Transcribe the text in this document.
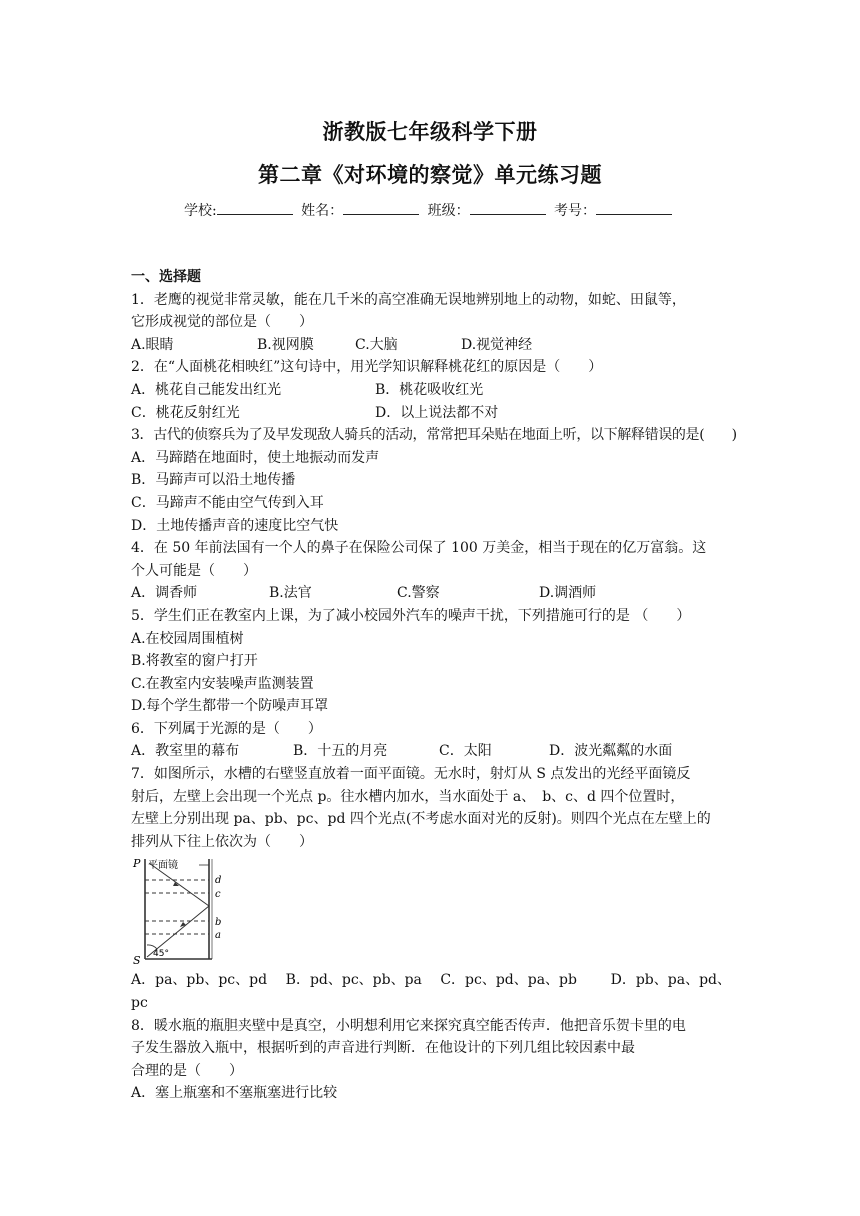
浙教版七年级科学下册
第二章《对环境的察觉》单元练习题
学校:	姓名：	班级：	考号：
一、选择题
1．老鹰的视觉非常灵敏，能在几千米的高空准确无误地辨别地上的动物，如蛇、田鼠等，
它形成视觉的部位是（　　）
A.眼睛	B.视网膜	C.大脑	D.视觉神经
2．在“人面桃花相映红”这句诗中，用光学知识解释桃花红的原因是（　　）
A．桃花自己能发出红光	B．桃花吸收红光
C．桃花反射红光	D．以上说法都不对
3．古代的侦察兵为了及早发现敌人骑兵的活动，常常把耳朵贴在地面上听，以下解释错误的是(　　)
A．马蹄踏在地面时，使土地振动而发声
B．马蹄声可以沿土地传播
C．马蹄声不能由空气传到入耳
D．土地传播声音的速度比空气快
4．在 50 年前法国有一个人的鼻子在保险公司保了 100 万美金，相当于现在的亿万富翁。这
个人可能是（　　）
A．调香师	B.法官	C.警察	D.调酒师
5．学生们正在教室内上课，为了减小校园外汽车的噪声干扰，下列措施可行的是 （　　）
A.在校园周围植树
B.将教室的窗户打开
C.在教室内安装噪声监测装置
D.每个学生都带一个防噪声耳罩
6．下列属于光源的是（　　）
A．教室里的幕布	B．十五的月亮	C．太阳	D．波光粼粼的水面
7．如图所示，水槽的右壁竖直放着一面平面镜。无水时，射灯从 S 点发出的光经平面镜反
射后，左壁上会出现一个光点 p。往水槽内加水，当水面处于 a、　b、c、d 四个位置时，
左壁上分别出现 pa、pb、pc、pd 四个光点(不考虑水面对光的反射)。则四个光点在左壁上的
排列从下往上依次为（　　）
P
S
平面镜
d
c
b
a
45°
A．pa、pb、pc、pd	B．pd、pc、pb、pa	C．pc、pd、pa、pb	D．pb、pa、pd、
pc
8．暖水瓶的瓶胆夹壁中是真空，小明想利用它来探究真空能否传声．他把音乐贺卡里的电
子发生器放入瓶中，根据听到的声音进行判断．在他设计的下列几组比较因素中最
合理的是（　　）
A．塞上瓶塞和不塞瓶塞进行比较
